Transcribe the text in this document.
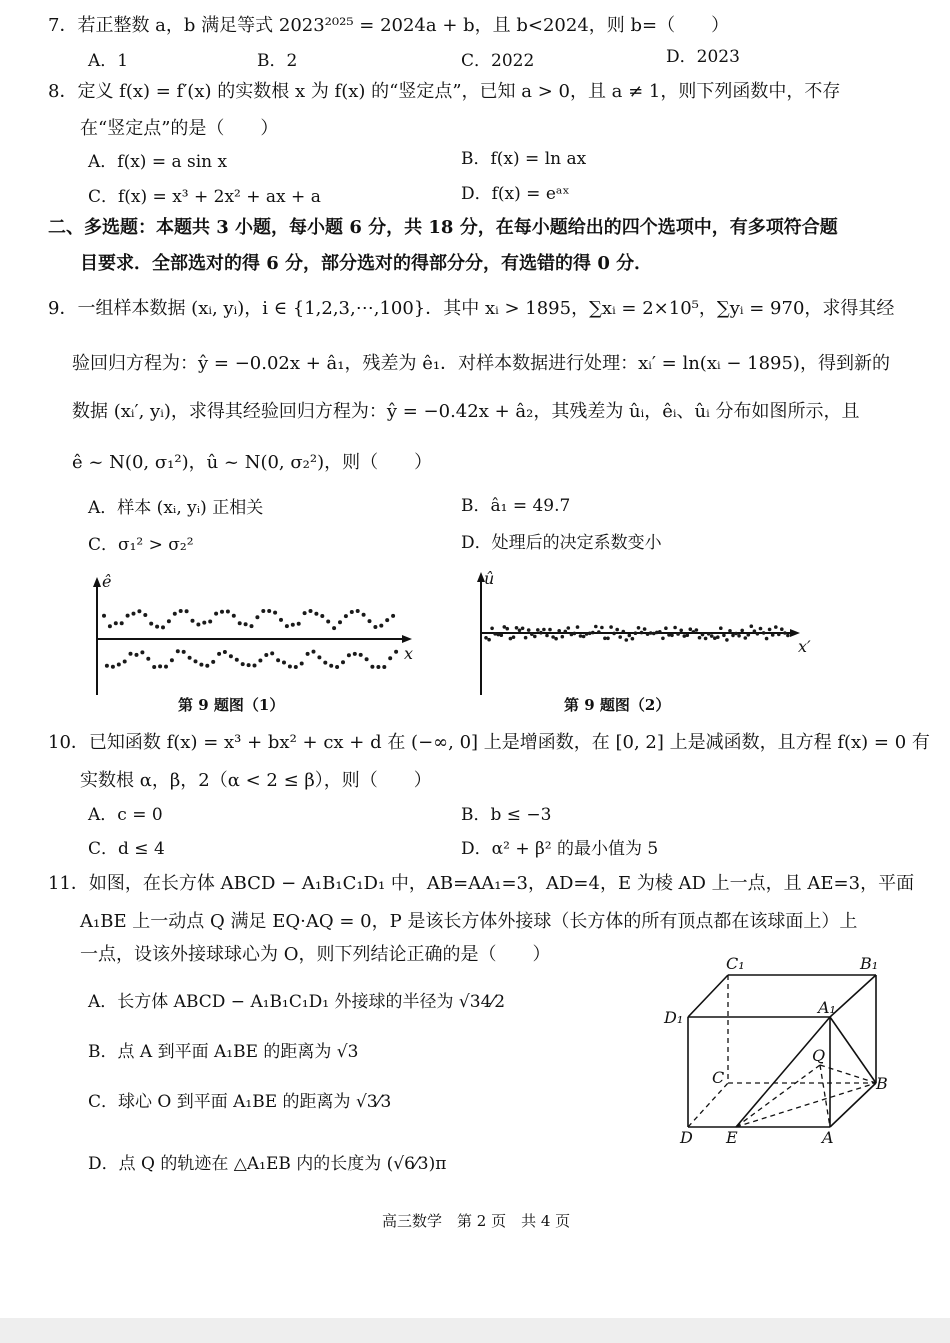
7．若正整数 a，b 满足等式 2023²⁰²⁵ = 2024a + b，且 b<2024，则 b=（　　）
A．1	B．2	C．2022	D．2023
8．定义 f(x) = f′(x) 的实数根 x 为 f(x) 的“竖定点”，已知 a > 0，且 a ≠ 1，则下列函数中，不存
在“竖定点”的是（　　）
A．f(x) = a sin x	B．f(x) = ln ax
C．f(x) = x³ + 2x² + ax + a	D．f(x) = eᵃˣ
二、多选题：本题共 3 小题，每小题 6 分，共 18 分，在每小题给出的四个选项中，有多项符合题
目要求．全部选对的得 6 分，部分选对的得部分分，有选错的得 0 分．
9．一组样本数据 (xᵢ, yᵢ)，i ∈ {1,2,3,⋯,100}．其中 xᵢ > 1895，∑xᵢ = 2×10⁵，∑yᵢ = 970，求得其经
验回归方程为：ŷ = −0.02x + â₁，残差为 ê₁．对样本数据进行处理：xᵢ′ = ln(xᵢ − 1895)，得到新的
数据 (xᵢ′, yᵢ)，求得其经验回归方程为：ŷ = −0.42x + â₂，其残差为 ûᵢ，êᵢ、ûᵢ 分布如图所示，且
ê ~ N(0, σ₁²)，û ~ N(0, σ₂²)，则（　　）
A．样本 (xᵢ, yᵢ) 正相关	B．â₁ = 49.7
C．σ₁² > σ₂²	D．处理后的决定系数变小
ê
x
第 9 题图（1）
û
x′
第 9 题图（2）
10．已知函数 f(x) = x³ + bx² + cx + d 在 (−∞, 0] 上是增函数，在 [0, 2] 上是减函数，且方程 f(x) = 0 有
实数根 α，β，2（α < 2 ≤ β），则（　　）
A．c = 0	B．b ≤ −3
C．d ≤ 4	D．α² + β² 的最小值为 5
11．如图，在长方体 ABCD − A₁B₁C₁D₁ 中，AB=AA₁=3，AD=4，E 为棱 AD 上一点，且 AE=3，平面
A₁BE 上一动点 Q 满足 EQ·AQ = 0，P 是该长方体外接球（长方体的所有顶点都在该球面上）上
一点，设该外接球球心为 O，则下列结论正确的是（　　）
A．长方体 ABCD − A₁B₁C₁D₁ 外接球的半径为 √34⁄2
B．点 A 到平面 A₁BE 的距离为 √3
C．球心 O 到平面 A₁BE 的距离为 √3⁄3
D．点 Q 的轨迹在 △A₁EB 内的长度为 (√6⁄3)π
C₁	B₁
D₁
A₁
Q
C	B
D E	A
高三数学　第 2 页　共 4 页
